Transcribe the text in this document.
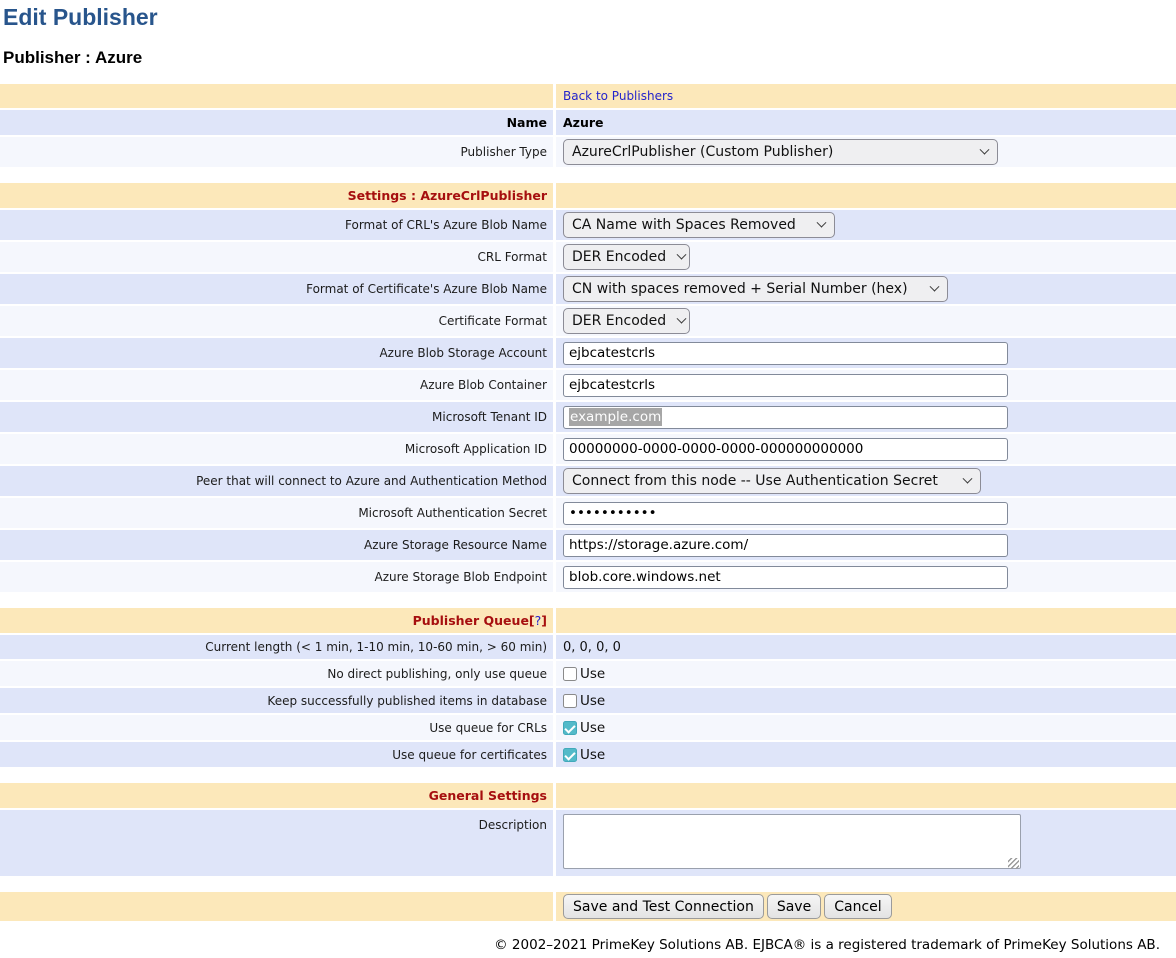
Edit Publisher
Publisher : Azure
Back to Publishers
Name Azure
Publisher Type AzureCrlPublisher (Custom Publisher)
Settings : AzureCrlPublisher
Format of CRL's Azure Blob Name CA Name with Spaces Removed
CRL Format DER Encoded
Format of Certificate's Azure Blob Name CN with spaces removed + Serial Number (hex)
Certificate Format DER Encoded
Azure Blob Storage Account
ejbcatestcrls
Azure Blob Container
ejbcatestcrls
Microsoft Tenant ID example.com
Microsoft Application ID
00000000-0000-0000-0000-000000000000
Peer that will connect to Azure and Authentication Method Connect from this node -- Use Authentication Secret
Microsoft Authentication Secret
•••••••••••
Azure Storage Resource Name
https://storage.azure.com/
Azure Storage Blob Endpoint
blob.core.windows.net
Publisher Queue [ ? ]
Current length (< 1 min, 1-10 min, 10-60 min, > 60 min) 0, 0, 0, 0
No direct publishing, only use queue Use
Keep successfully published items in database Use
Use queue for CRLs Use
Use queue for certificates Use
General Settings
Description
Save and Test Connection	Save	Cancel
© 2002–2021 PrimeKey Solutions AB. EJBCA® is a registered trademark of PrimeKey Solutions AB.
